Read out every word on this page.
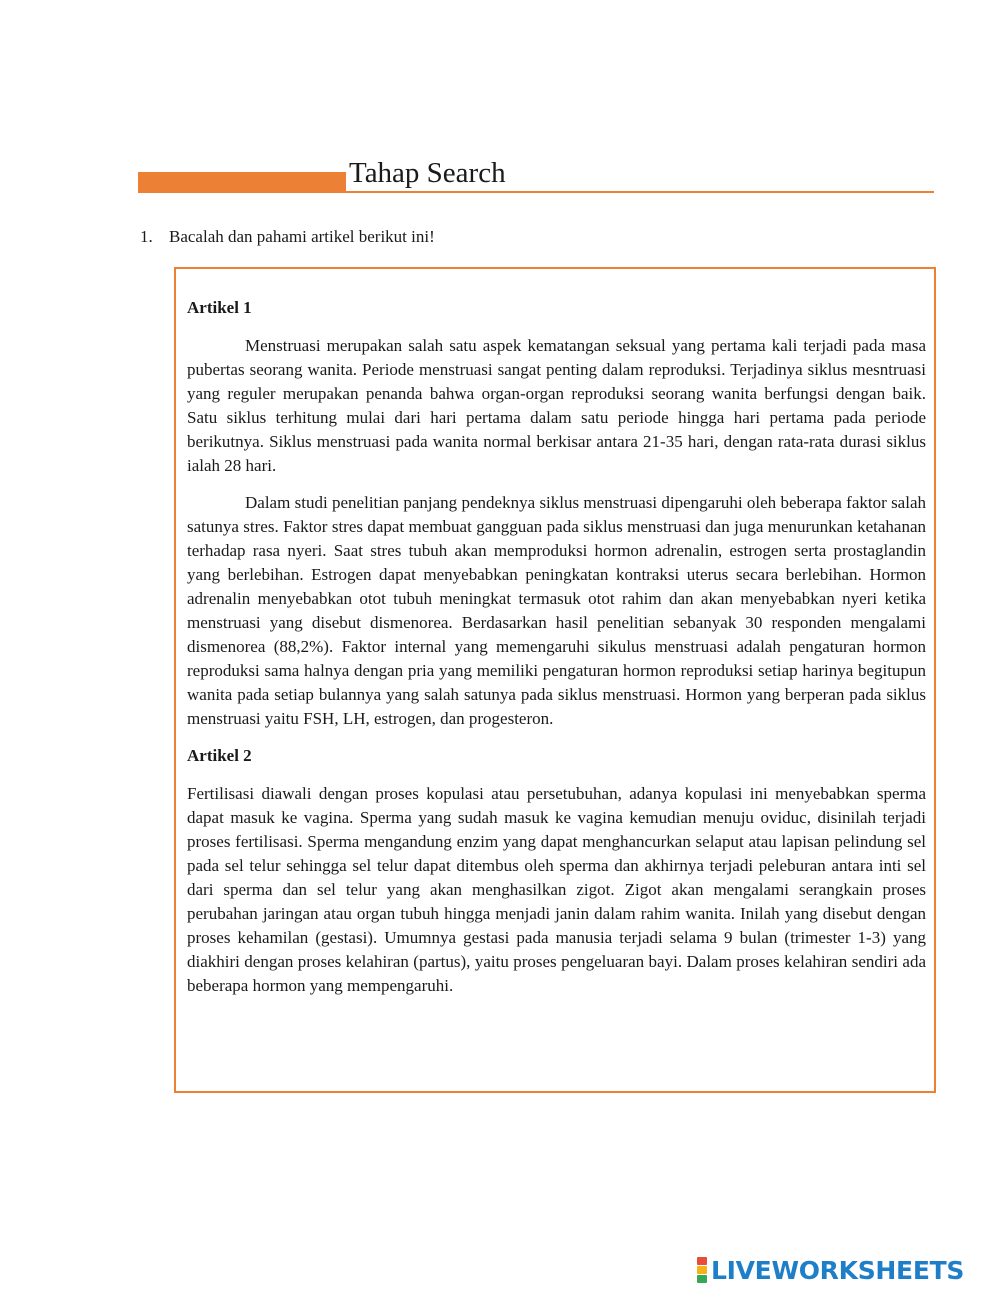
Tahap Search
1. Bacalah dan pahami artikel berikut ini!
Artikel 1

Menstruasi merupakan salah satu aspek kematangan seksual yang pertama kali terjadi pada masa pubertas seorang wanita. Periode menstruasi sangat penting dalam reproduksi. Terjadinya siklus mesntruasi yang reguler merupakan penanda bahwa organ-organ reproduksi seorang wanita berfungsi dengan baik. Satu siklus terhitung mulai dari hari pertama dalam satu periode hingga hari pertama pada periode berikutnya. Siklus menstruasi pada wanita normal berkisar antara 21-35 hari, dengan rata-rata durasi siklus ialah 28 hari.

Dalam studi penelitian panjang pendeknya siklus menstruasi dipengaruhi oleh beberapa faktor salah satunya stres. Faktor stres dapat membuat gangguan pada siklus menstruasi dan juga menurunkan ketahanan terhadap rasa nyeri. Saat stres tubuh akan memproduksi hormon adrenalin, estrogen serta prostaglandin yang berlebihan. Estrogen dapat menyebabkan peningkatan kontraksi uterus secara berlebihan. Hormon adrenalin menyebabkan otot tubuh meningkat termasuk otot rahim dan akan menyebabkan nyeri ketika menstruasi yang disebut dismenorea. Berdasarkan hasil penelitian sebanyak 30 responden mengalami dismenorea (88,2%). Faktor internal yang memengaruhi sikulus menstruasi adalah pengaturan hormon reproduksi sama halnya dengan pria yang memiliki pengaturan hormon reproduksi setiap harinya begitupun wanita pada setiap bulannya yang salah satunya pada siklus menstruasi. Hormon yang berperan pada siklus menstruasi yaitu FSH, LH, estrogen, dan progesteron.

Artikel 2

Fertilisasi diawali dengan proses kopulasi atau persetubuhan, adanya kopulasi ini menyebabkan sperma dapat masuk ke vagina. Sperma yang sudah masuk ke vagina kemudian menuju oviduc, disinilah terjadi proses fertilisasi. Sperma mengandung enzim yang dapat menghancurkan selaput atau lapisan pelindung sel pada sel telur sehingga sel telur dapat ditembus oleh sperma dan akhirnya terjadi peleburan antara inti sel dari sperma dan sel telur yang akan menghasilkan zigot. Zigot akan mengalami serangkain proses perubahan jaringan atau organ tubuh hingga menjadi janin dalam rahim wanita. Inilah yang disebut dengan proses kehamilan (gestasi). Umumnya gestasi pada manusia terjadi selama 9 bulan (trimester 1-3) yang diakhiri dengan proses kelahiran (partus), yaitu proses pengeluaran bayi. Dalam proses kelahiran sendiri ada beberapa hormon yang mempengaruhi.

LIVEWORKSHEETS
